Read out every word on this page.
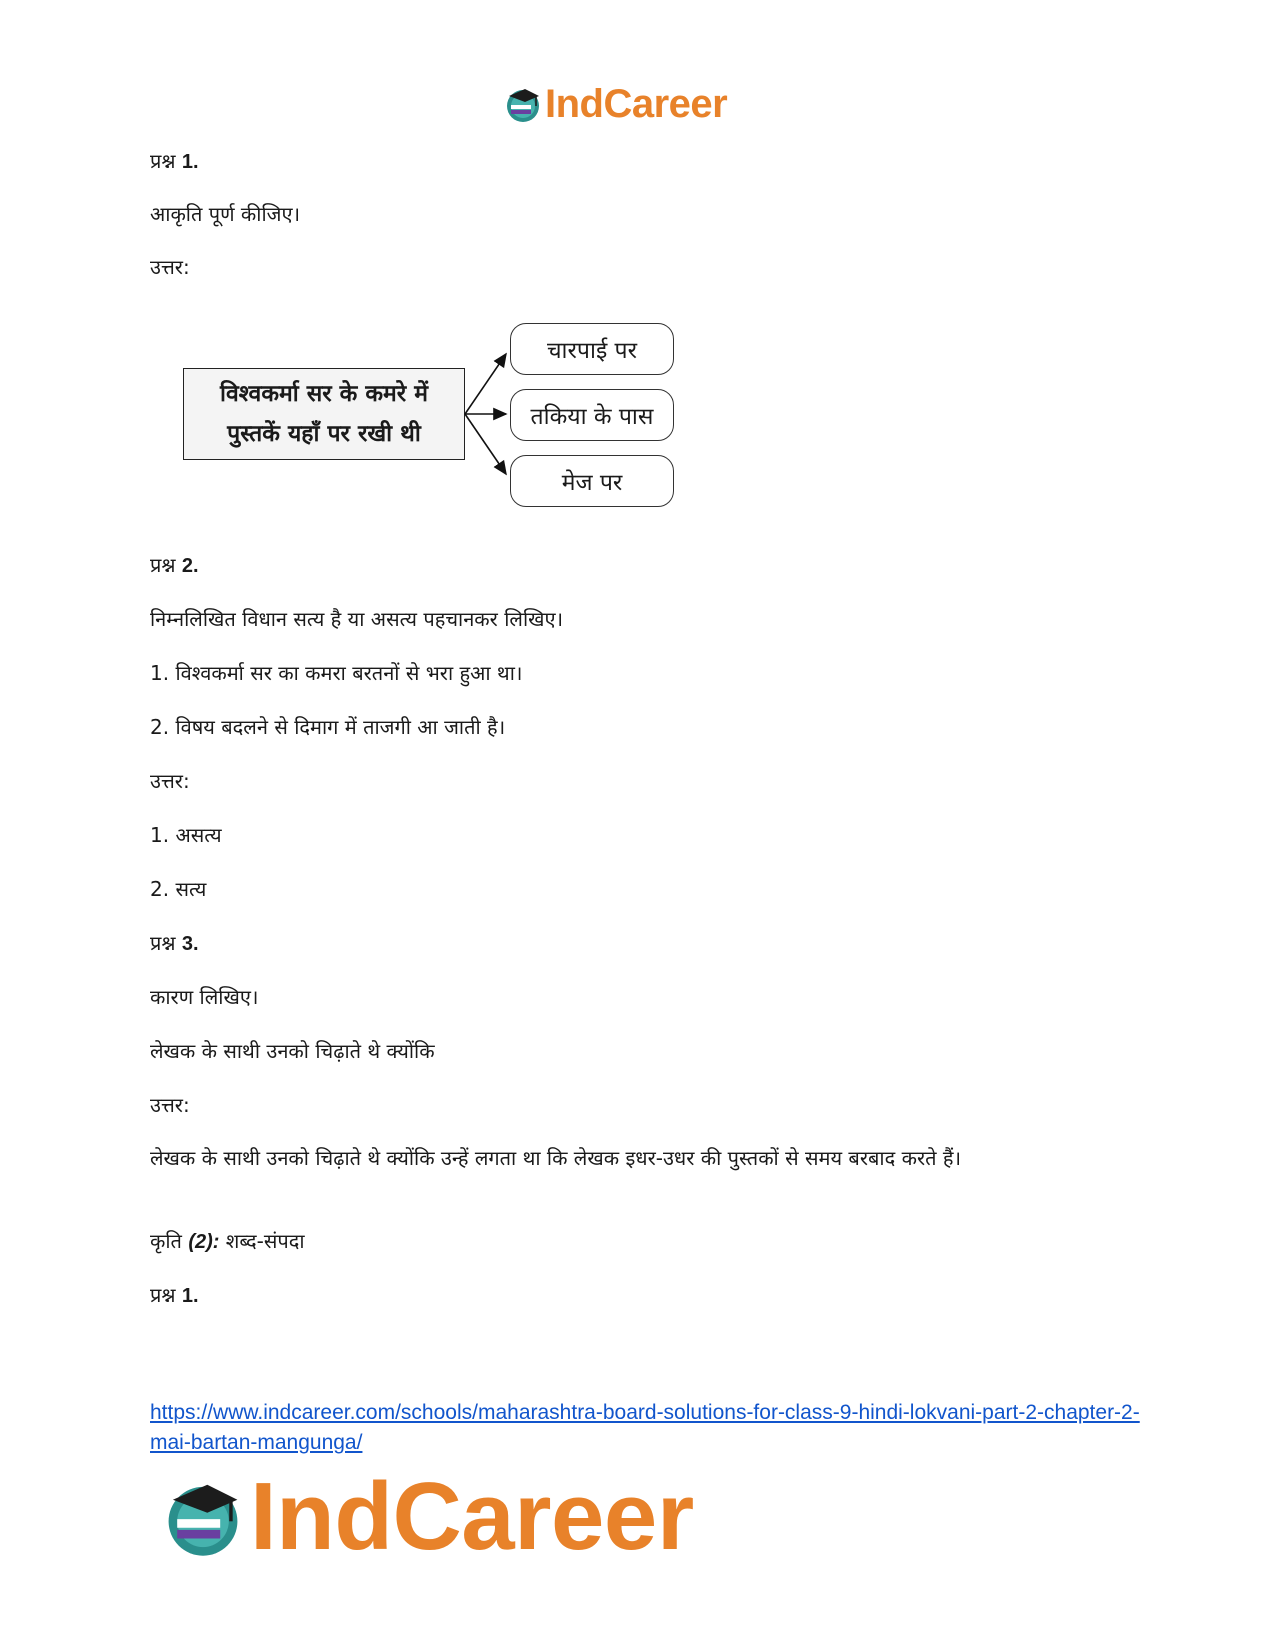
IndCareer
प्रश्न 1.
आकृति पूर्ण कीजिए।
उत्तर:
विश्वकर्मा सर के कमरे में
पुस्तकें यहाँ पर रखी थी
चारपाई पर
तकिया के पास
मेज पर
प्रश्न 2.
निम्नलिखित विधान सत्य है या असत्य पहचानकर लिखिए।
1. विश्वकर्मा सर का कमरा बरतनों से भरा हुआ था।
2. विषय बदलने से दिमाग में ताजगी आ जाती है।
उत्तर:
1. असत्य
2. सत्य
प्रश्न 3.
कारण लिखिए।
लेखक के साथी उनको चिढ़ाते थे क्योंकि
उत्तर:
लेखक के साथी उनको चिढ़ाते थे क्योंकि उन्हें लगता था कि लेखक इधर-उधर की पुस्तकों से समय बरबाद करते हैं।
कृति (2): शब्द-संपदा
प्रश्न 1.
https://www.indcareer.com/schools/maharashtra-board-solutions-for-class-9-hindi-lokvani-part-2-chapter-2-mai-bartan-mangunga/
IndCareer
